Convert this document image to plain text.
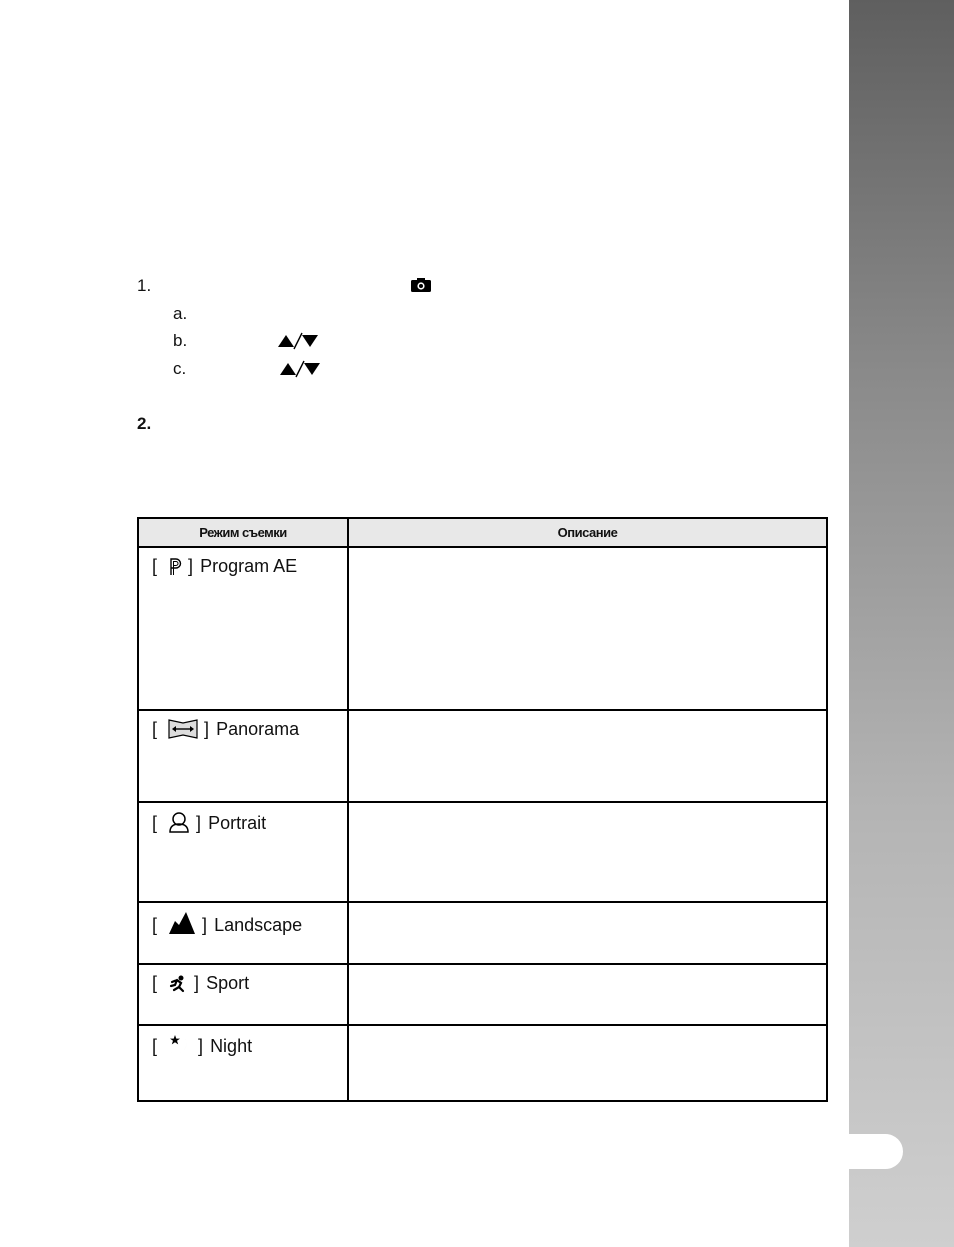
1.
a.
b.
c.
2.
Режим съемки	Описание
[ ] Program AE	
[ ] Panorama	
[ ] Portrait	
[ ] Landscape	
[ ] Sport	
[ ] Night	
